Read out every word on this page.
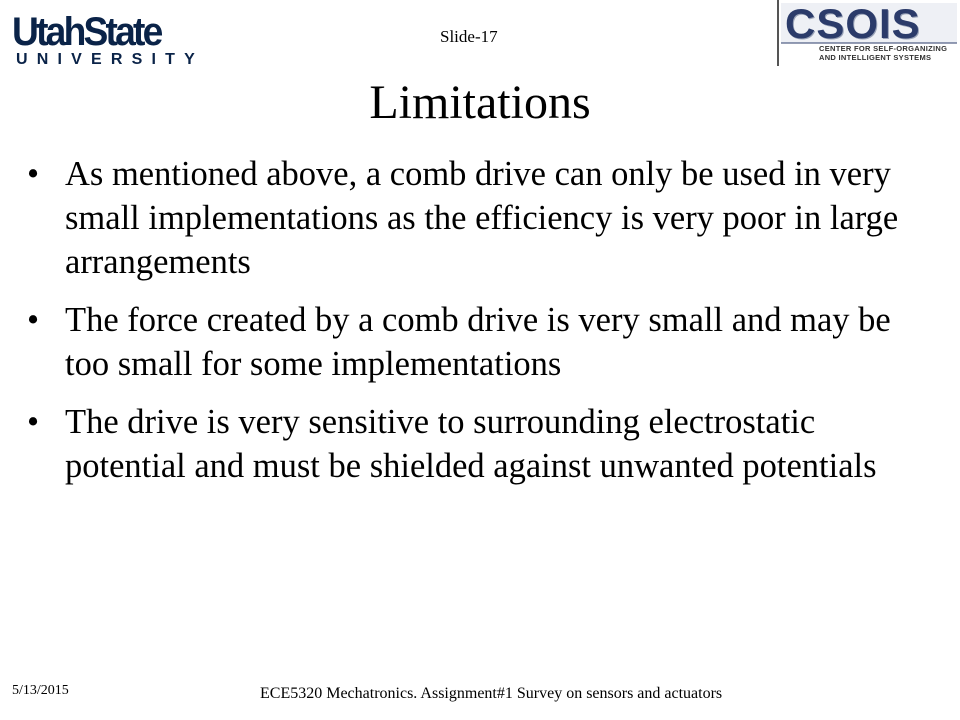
UtahState
UNIVERSITY
Slide-17	CSOIS
CENTER FOR SELF-ORGANIZING
AND INTELLIGENT SYSTEMS
Limitations
• As mentioned above, a comb drive can only be used in very small implementations as the efficiency is very poor in large arrangements
• The force created by a comb drive is very small and may be too small for some implementations
• The drive is very sensitive to surrounding electrostatic potential and must be shielded against unwanted potentials
5/13/2015	ECE5320 Mechatronics. Assignment#1 Survey on sensors and actuators
